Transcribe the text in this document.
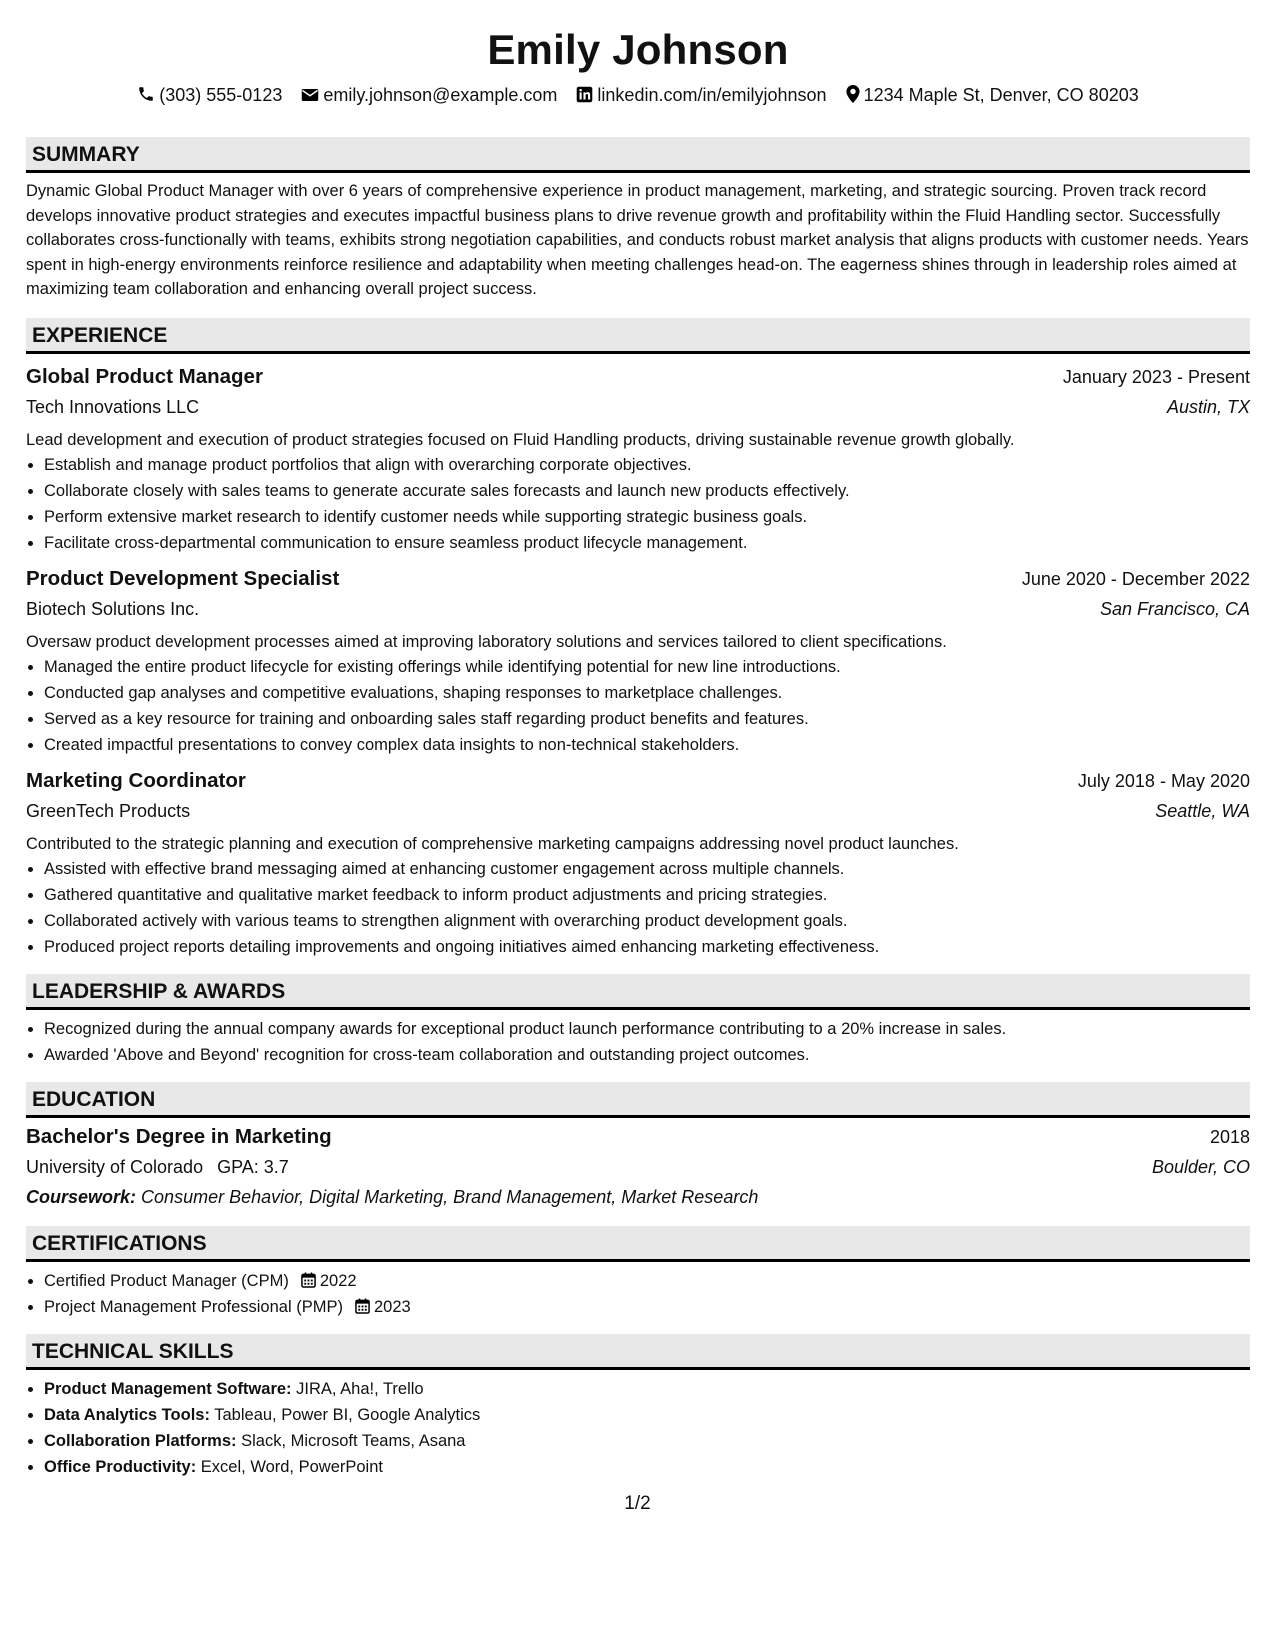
Emily Johnson
(303) 555-0123 emily.johnson@example.com linkedin.com/in/emilyjohnson 1234 Maple St, Denver, CO 80203
SUMMARY
Dynamic Global Product Manager with over 6 years of comprehensive experience in product management, marketing, and strategic sourcing. Proven track record develops innovative product strategies and executes impactful business plans to drive revenue growth and profitability within the Fluid Handling sector. Successfully collaborates cross-functionally with teams, exhibits strong negotiation capabilities, and conducts robust market analysis that aligns products with customer needs. Years spent in high-energy environments reinforce resilience and adaptability when meeting challenges head-on. The eagerness shines through in leadership roles aimed at maximizing team collaboration and enhancing overall project success.
EXPERIENCE
Global Product Manager	January 2023 - Present
Tech Innovations LLC	Austin, TX
Lead development and execution of product strategies focused on Fluid Handling products, driving sustainable revenue growth globally.
• Establish and manage product portfolios that align with overarching corporate objectives.
• Collaborate closely with sales teams to generate accurate sales forecasts and launch new products effectively.
• Perform extensive market research to identify customer needs while supporting strategic business goals.
• Facilitate cross-departmental communication to ensure seamless product lifecycle management.
Product Development Specialist	June 2020 - December 2022
Biotech Solutions Inc.	San Francisco, CA
Oversaw product development processes aimed at improving laboratory solutions and services tailored to client specifications.
• Managed the entire product lifecycle for existing offerings while identifying potential for new line introductions.
• Conducted gap analyses and competitive evaluations, shaping responses to marketplace challenges.
• Served as a key resource for training and onboarding sales staff regarding product benefits and features.
• Created impactful presentations to convey complex data insights to non-technical stakeholders.
Marketing Coordinator	July 2018 - May 2020
GreenTech Products	Seattle, WA
Contributed to the strategic planning and execution of comprehensive marketing campaigns addressing novel product launches.
• Assisted with effective brand messaging aimed at enhancing customer engagement across multiple channels.
• Gathered quantitative and qualitative market feedback to inform product adjustments and pricing strategies.
• Collaborated actively with various teams to strengthen alignment with overarching product development goals.
• Produced project reports detailing improvements and ongoing initiatives aimed enhancing marketing effectiveness.
LEADERSHIP & AWARDS
• Recognized during the annual company awards for exceptional product launch performance contributing to a 20% increase in sales.
• Awarded 'Above and Beyond' recognition for cross-team collaboration and outstanding project outcomes.
EDUCATION
Bachelor's Degree in Marketing	2018
University of Colorado GPA: 3.7	Boulder, CO
Coursework: Consumer Behavior, Digital Marketing, Brand Management, Market Research
CERTIFICATIONS
• Certified Product Manager (CPM) 2022
• Project Management Professional (PMP) 2023
TECHNICAL SKILLS
• Product Management Software: JIRA, Aha!, Trello
• Data Analytics Tools: Tableau, Power BI, Google Analytics
• Collaboration Platforms: Slack, Microsoft Teams, Asana
• Office Productivity: Excel, Word, PowerPoint
1/2
